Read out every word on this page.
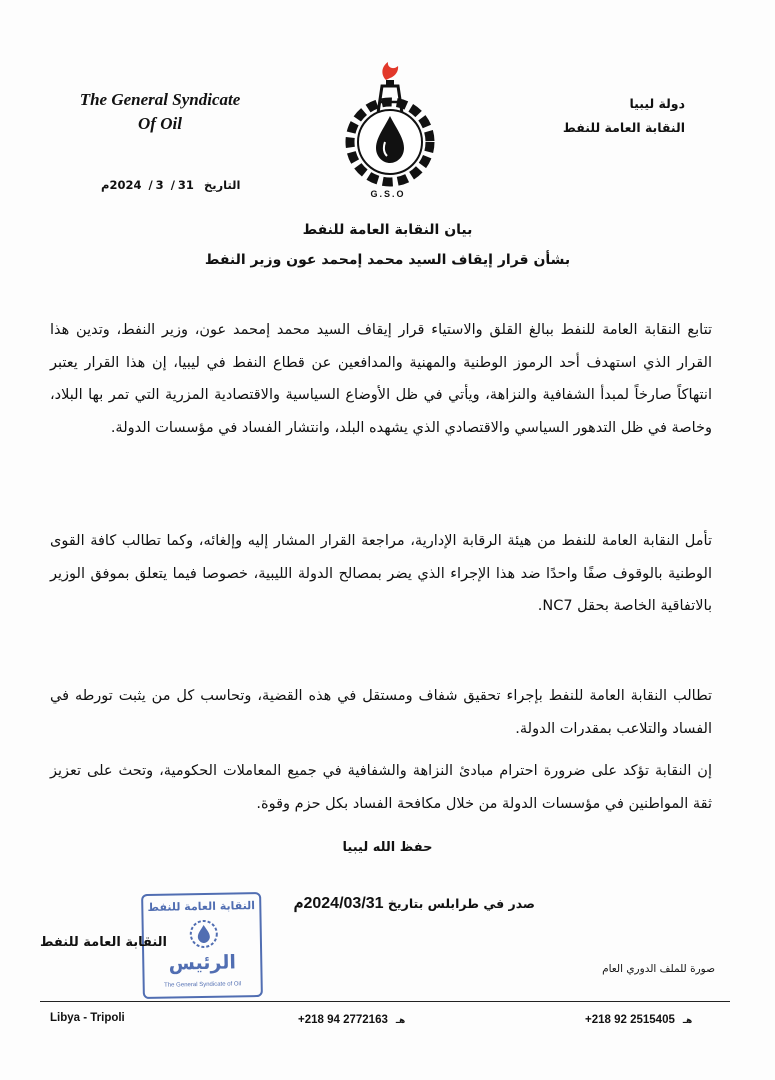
The General Syndicate
Of Oil
دولة ليبيا
النقابة العامة للنفط
G.S.O
التاريخ 31/ 3/ 2024م
بيان النقابة العامة للنفط
بشأن قرار إيقاف السيد محمد إمحمد عون وزير النفط
تتابع النقابة العامة للنفط ببالغ القلق والاستياء قرار إيقاف السيد محمد إمحمد عون، وزير النفط، وتدين هذا القرار الذي استهدف أحد الرموز الوطنية والمهنية والمدافعين عن قطاع النفط في ليبيا، إن هذا القرار يعتبر انتهاكاً صارخاً لمبدأ الشفافية والنزاهة، ويأتي في ظل الأوضاع السياسية والاقتصادية المزرية التي تمر بها البلاد، وخاصة في ظل التدهور السياسي والاقتصادي الذي يشهده البلد، وانتشار الفساد في مؤسسات الدولة.
تأمل النقابة العامة للنفط من هيئة الرقابة الإدارية، مراجعة القرار المشار إليه وإلغائه، وكما تطالب كافة القوى الوطنية بالوقوف صفًا واحدًا ضد هذا الإجراء الذي يضر بمصالح الدولة الليبية، خصوصا فيما يتعلق بموفق الوزير بالاتفاقية الخاصة بحقل NC7.
تطالب النقابة العامة للنفط بإجراء تحقيق شفاف ومستقل في هذه القضية، وتحاسب كل من يثبت تورطه في الفساد والتلاعب بمقدرات الدولة.
إن النقابة تؤكد على ضرورة احترام مبادئ النزاهة والشفافية في جميع المعاملات الحكومية، وتحث على تعزيز ثقة المواطنين في مؤسسات الدولة من خلال مكافحة الفساد بكل حزم وقوة.
حفظ الله ليبيا
صدر في طرابلس بتاريخ 2024/03/31م
النقابة العامة للنفط
الرئيس
The General Syndicate of Oil
النقابة العامة للنفط
صورة للملف الدوري العام
Libya - Tripoli	+218 94 2772163 هـ	+218 92 2515405 هـ
